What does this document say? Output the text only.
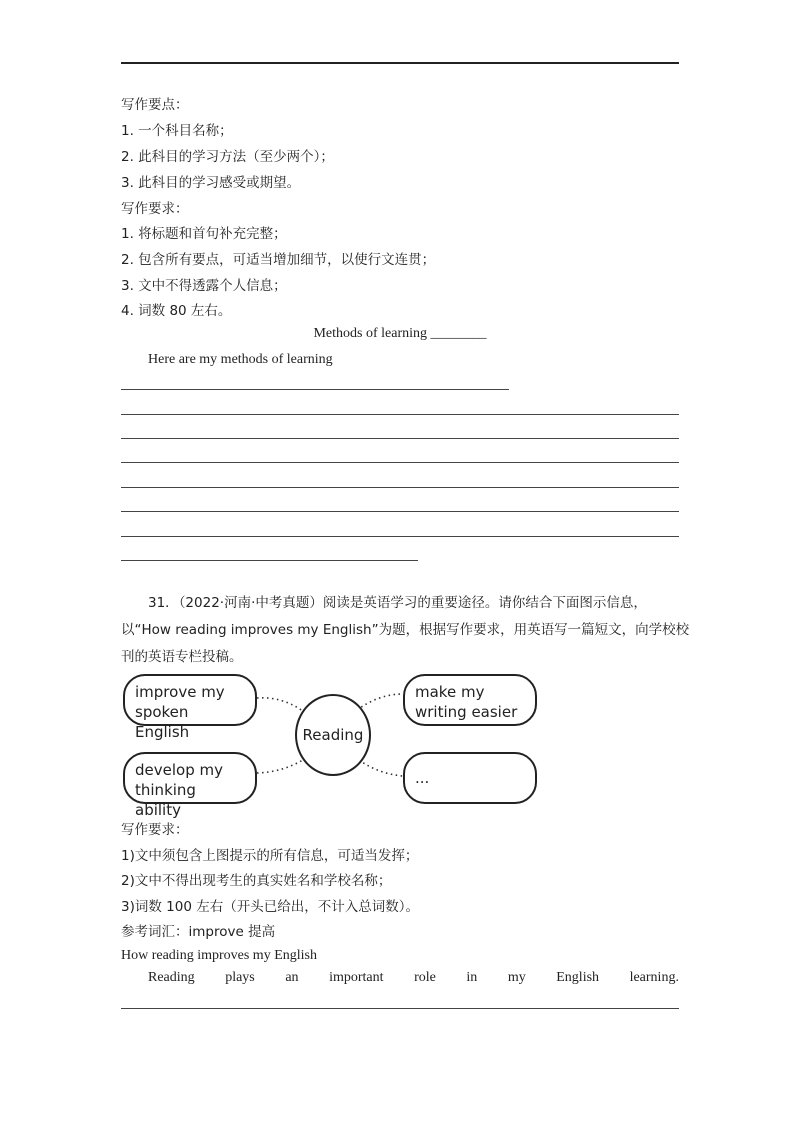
写作要点：
1. 一个科目名称；
2. 此科目的学习方法（至少两个）；
3. 此科目的学习感受或期望。
写作要求：
1. 将标题和首句补充完整；
2. 包含所有要点，可适当增加细节，以使行文连贯；
3. 文中不得透露个人信息；
4. 词数 80 左右。
Methods of learning ________
Here are my methods of learning
31．（2022·河南·中考真题）阅读是英语学习的重要途径。请你结合下面图示信息，
以“How reading improves my English”为题，根据写作要求，用英语写一篇短文，向学校校
刊的英语专栏投稿。
improve my
spoken English
develop my
thinking ability
Reading
make my
writing easier
...
写作要求：
1)文中须包含上图提示的所有信息，可适当发挥；
2)文中不得出现考生的真实姓名和学校名称；
3)词数 100 左右（开头已给出，不计入总词数）。
参考词汇：improve 提高
How reading improves my English
Reading plays an important role in my English learning.
